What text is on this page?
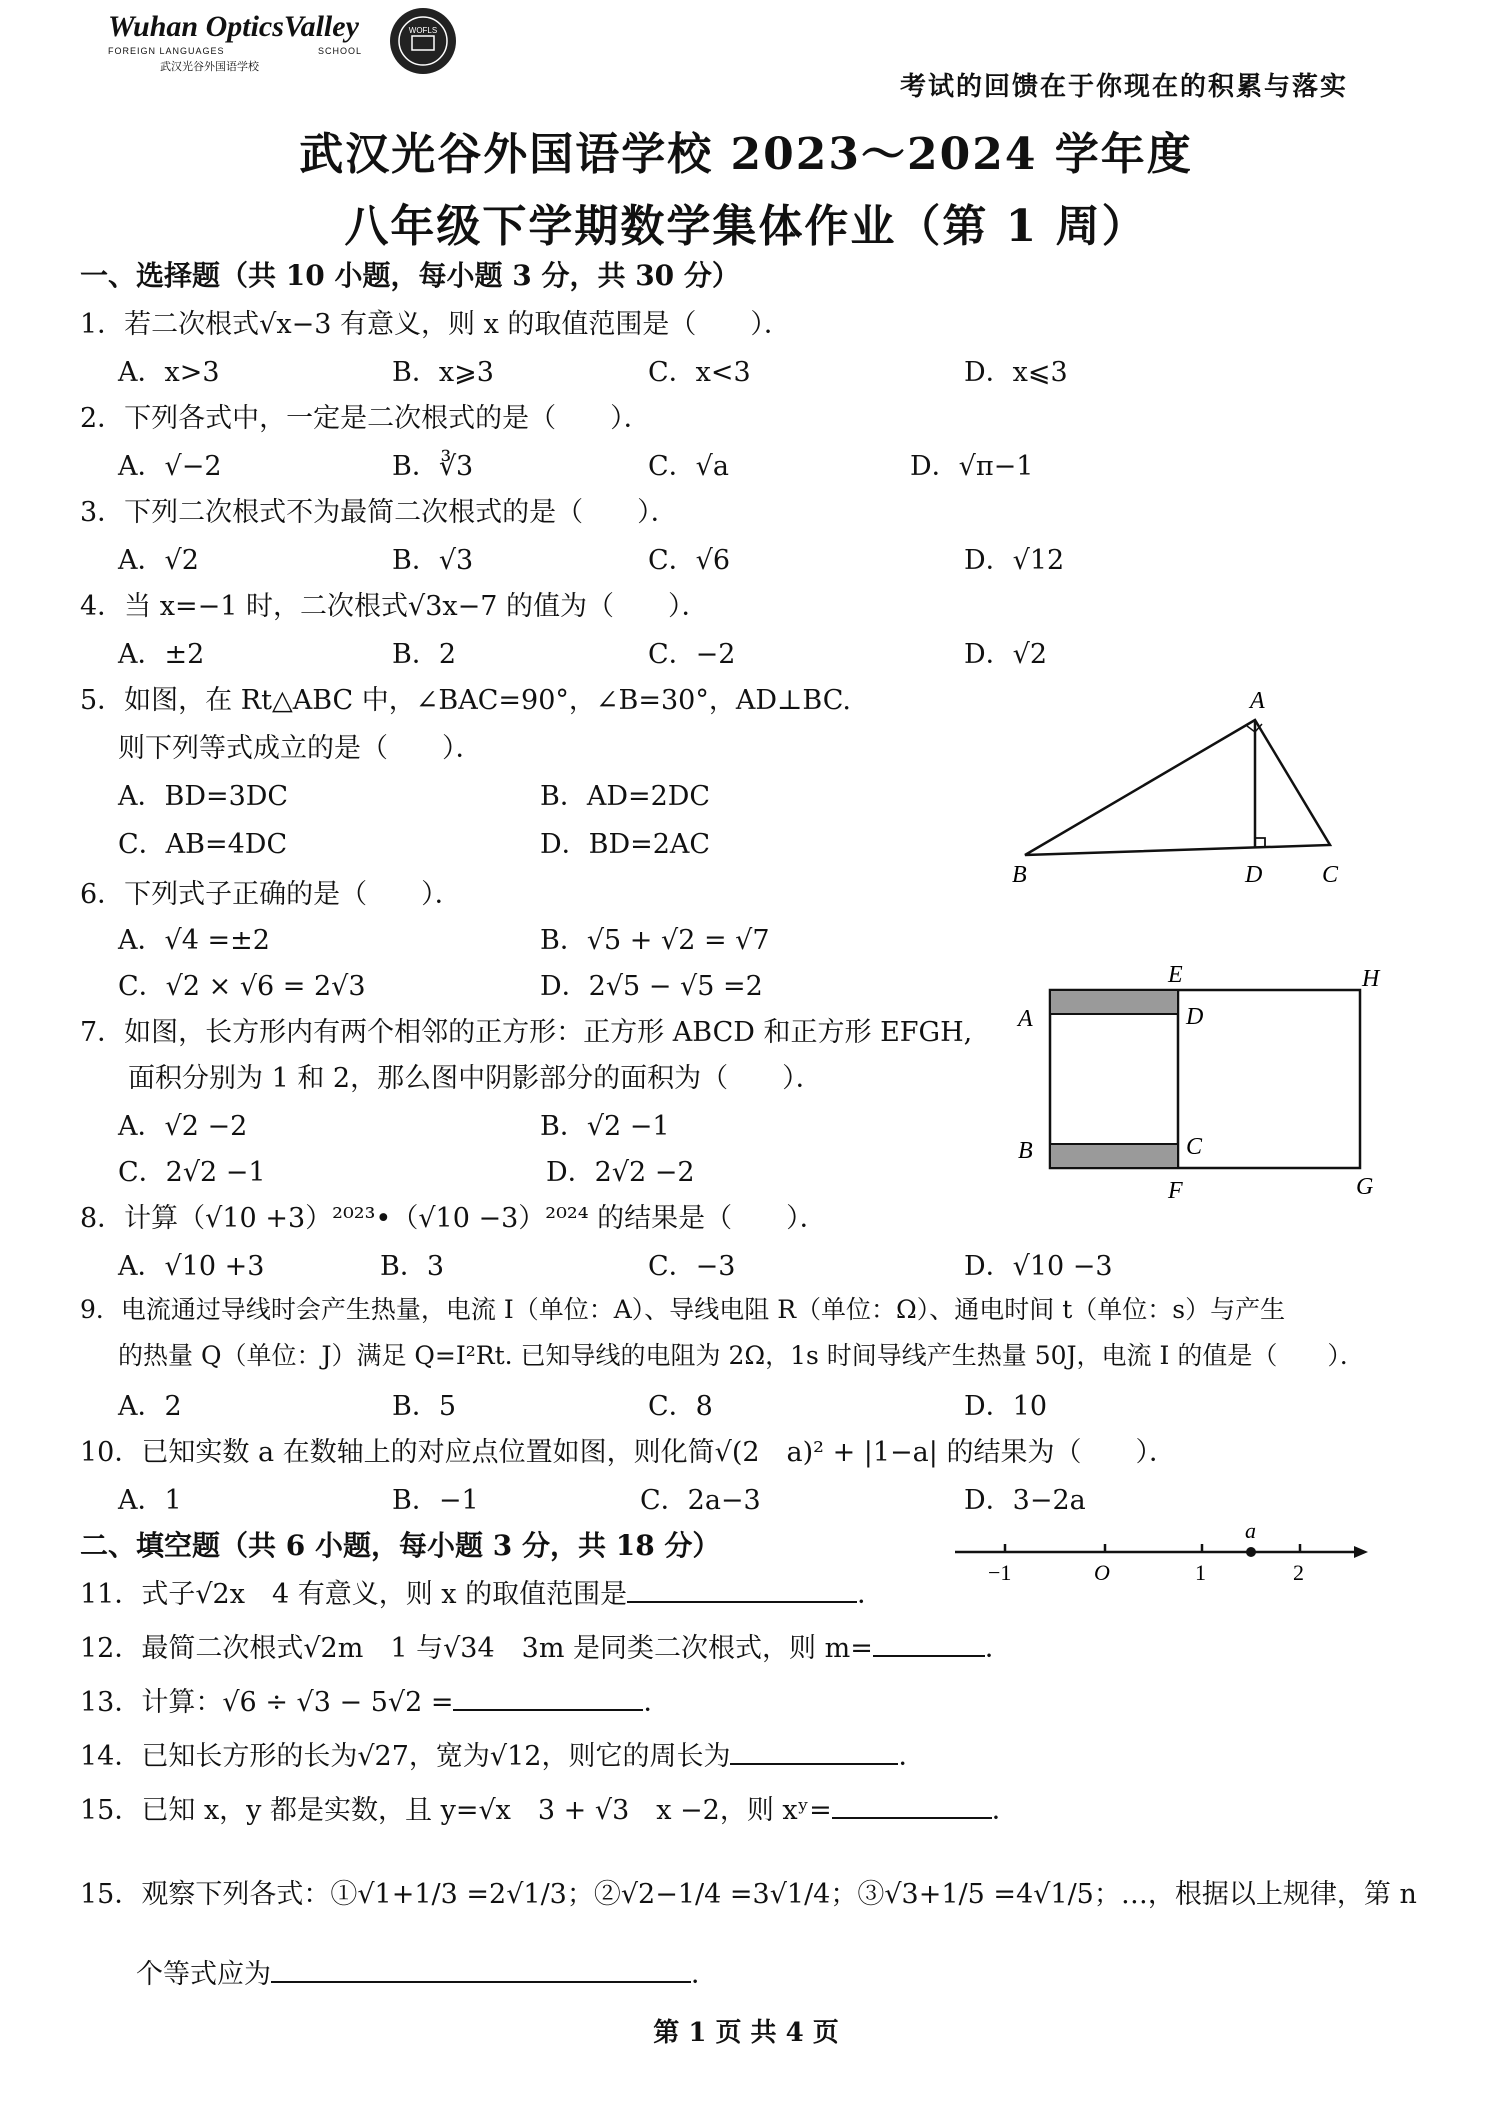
Wuhan OpticsValley
FOREIGN LANGUAGES	SCHOOL
武汉光谷外国语学校
WOFLS
考试的回馈在于你现在的积累与落实
武汉光谷外国语学校 2023～2024 学年度
八年级下学期数学集体作业（第 1 周）
一、选择题（共 10 小题，每小题 3 分，共 30 分）
1．若二次根式√x−3 有意义，则 x 的取值范围是（　　）．
A．x>3	B．x⩾3	C．x<3	D．x⩽3
2．下列各式中，一定是二次根式的是（　　）．
A．√−2	B．∛3	C．√a	D．√π−1
3．下列二次根式不为最简二次根式的是（　　）．
A．√2	B．√3	C．√6	D．√12
4．当 x=−1 时，二次根式√3x−7 的值为（　　）．
A．±2	B．2	C．−2	D．√2
5．如图，在 Rt△ABC 中，∠BAC=90°，∠B=30°，AD⊥BC.
则下列等式成立的是（　　）．
A．BD=3DC	B．AD=2DC
C．AB=4DC	D．BD=2AC
A
B	D C
6．下列式子正确的是（　　）．
A．√4 =±2	B．√5 + √2 = √7
C．√2 × √6 = 2√3	D．2√5 − √5 =2
7．如图，长方形内有两个相邻的正方形：正方形 ABCD 和正方形 EFGH,
面积分别为 1 和 2，那么图中阴影部分的面积为（　　）．
A．√2 −2	B．√2 −1
C．2√2 −1	D．2√2 −2
E	H
A	D
B	C
F	G
8．计算（√10 +3）²⁰²³•（√10 −3）²⁰²⁴ 的结果是（　　）．
A．√10 +3	B．3	C．−3	D．√10 −3
9．电流通过导线时会产生热量，电流 I（单位：A）、导线电阻 R（单位：Ω）、通电时间 t（单位：s）与产生
的热量 Q（单位：J）满足 Q=I²Rt. 已知导线的电阻为 2Ω，1s 时间导线产生热量 50J，电流 I 的值是（　　）．
A．2	B．5	C．8	D．10
10．已知实数 a 在数轴上的对应点位置如图，则化简√(2　a)² + |1−a| 的结果为（　　）．
A．1	B．−1	C．2a−3	D．3−2a
二、填空题（共 6 小题，每小题 3 分，共 18 分）	a
−1	O	1	2
11．式子√2x　4 有意义，则 x 的取值范围是	．
12．最简二次根式√2m　1 与√34　3m 是同类二次根式，则 m=	．
13．计算：√6 ÷ √3 − 5√2 =	．
14．已知长方形的长为√27，宽为√12，则它的周长为	．
15．已知 x，y 都是实数，且 y=√x　3 + √3　x −2，则 xʸ=	．
15．观察下列各式：①√1+1/3 =2√1/3；②√2−1/4 =3√1/4；③√3+1/5 =4√1/5；…，根据以上规律，第 n
个等式应为	．
第 1 页 共 4 页
